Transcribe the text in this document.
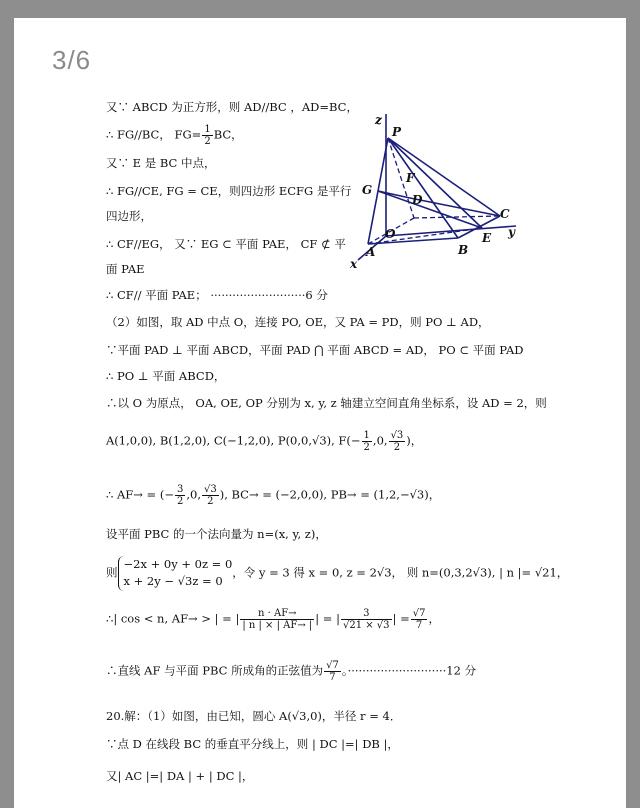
3/6
又∵ ABCD 为正方形，则 AD//BC ，AD=BC，
∴ FG//BC， $FG= \frac{1}{2}$ BC，
又∵ E 是 BC 中点，
∴ FG//CE, FG = CE，则四边形 ECFG 是平行
四边形，
∴ CF//EG， 又∵ EG ⊂ 平面 PAE， CF ⊄ 平
面 PAE
∴ CF// 平面 PAE； ··························6 分
（2）如图，取 AD 中点 O，连接 PO, OE，又 PA = PD，则 PO ⊥ AD，
∵平面 PAD ⊥ 平面 ABCD，平面 PAD ⋂ 平面 ABCD = AD， PO ⊂ 平面 PAD
∴ PO ⊥ 平面 ABCD，
∴以 O 为原点， OA, OE, OP 分别为 x, y, z 轴建立空间直角坐标系，设 AD = 2，则
A(1,0,0), B(1,2,0), C(−1,2,0), P(0,0,√3), $F(- \frac{1}{2} ,0$, $\frac{√3}{2}$ )，
∴ AF→ = (− $\frac{3}{2} ,0$, $\frac{√3}{2}$ ), BC→ = (−2,0,0), PB→ = (1,2,−√3)，
设平面 PBC 的一个法向量为 n=(x, y, z)，
则
−2x + 0y + 0z = 0
x + 2y − √3z = 0
，令 y = 3 得 x = 0, z = 2√3， 则 n=(0,3,2√3), | n |= √21，
∴| cos < n, AF→ > | = | $\frac{n \cdot AF\to}{| n | \times | AF\to |}$ | = | $\frac{3}{√21 \times √3}$ | = $\frac{√7}{7}$ ，
∴直线 AF 与平面 PBC 所成角的正弦值为 $\frac{√7}{7}$ 。···························12 分
20.解：（1）如图，由已知，圆心 A(√3,0)，半径 r = 4．
∵点 D 在线段 BC 的垂直平分线上，则 | DC |=| DB |，
又| AC |=| DA | + | DC |，
z
P
G
F
D
O
A	B
E
C
x
y
